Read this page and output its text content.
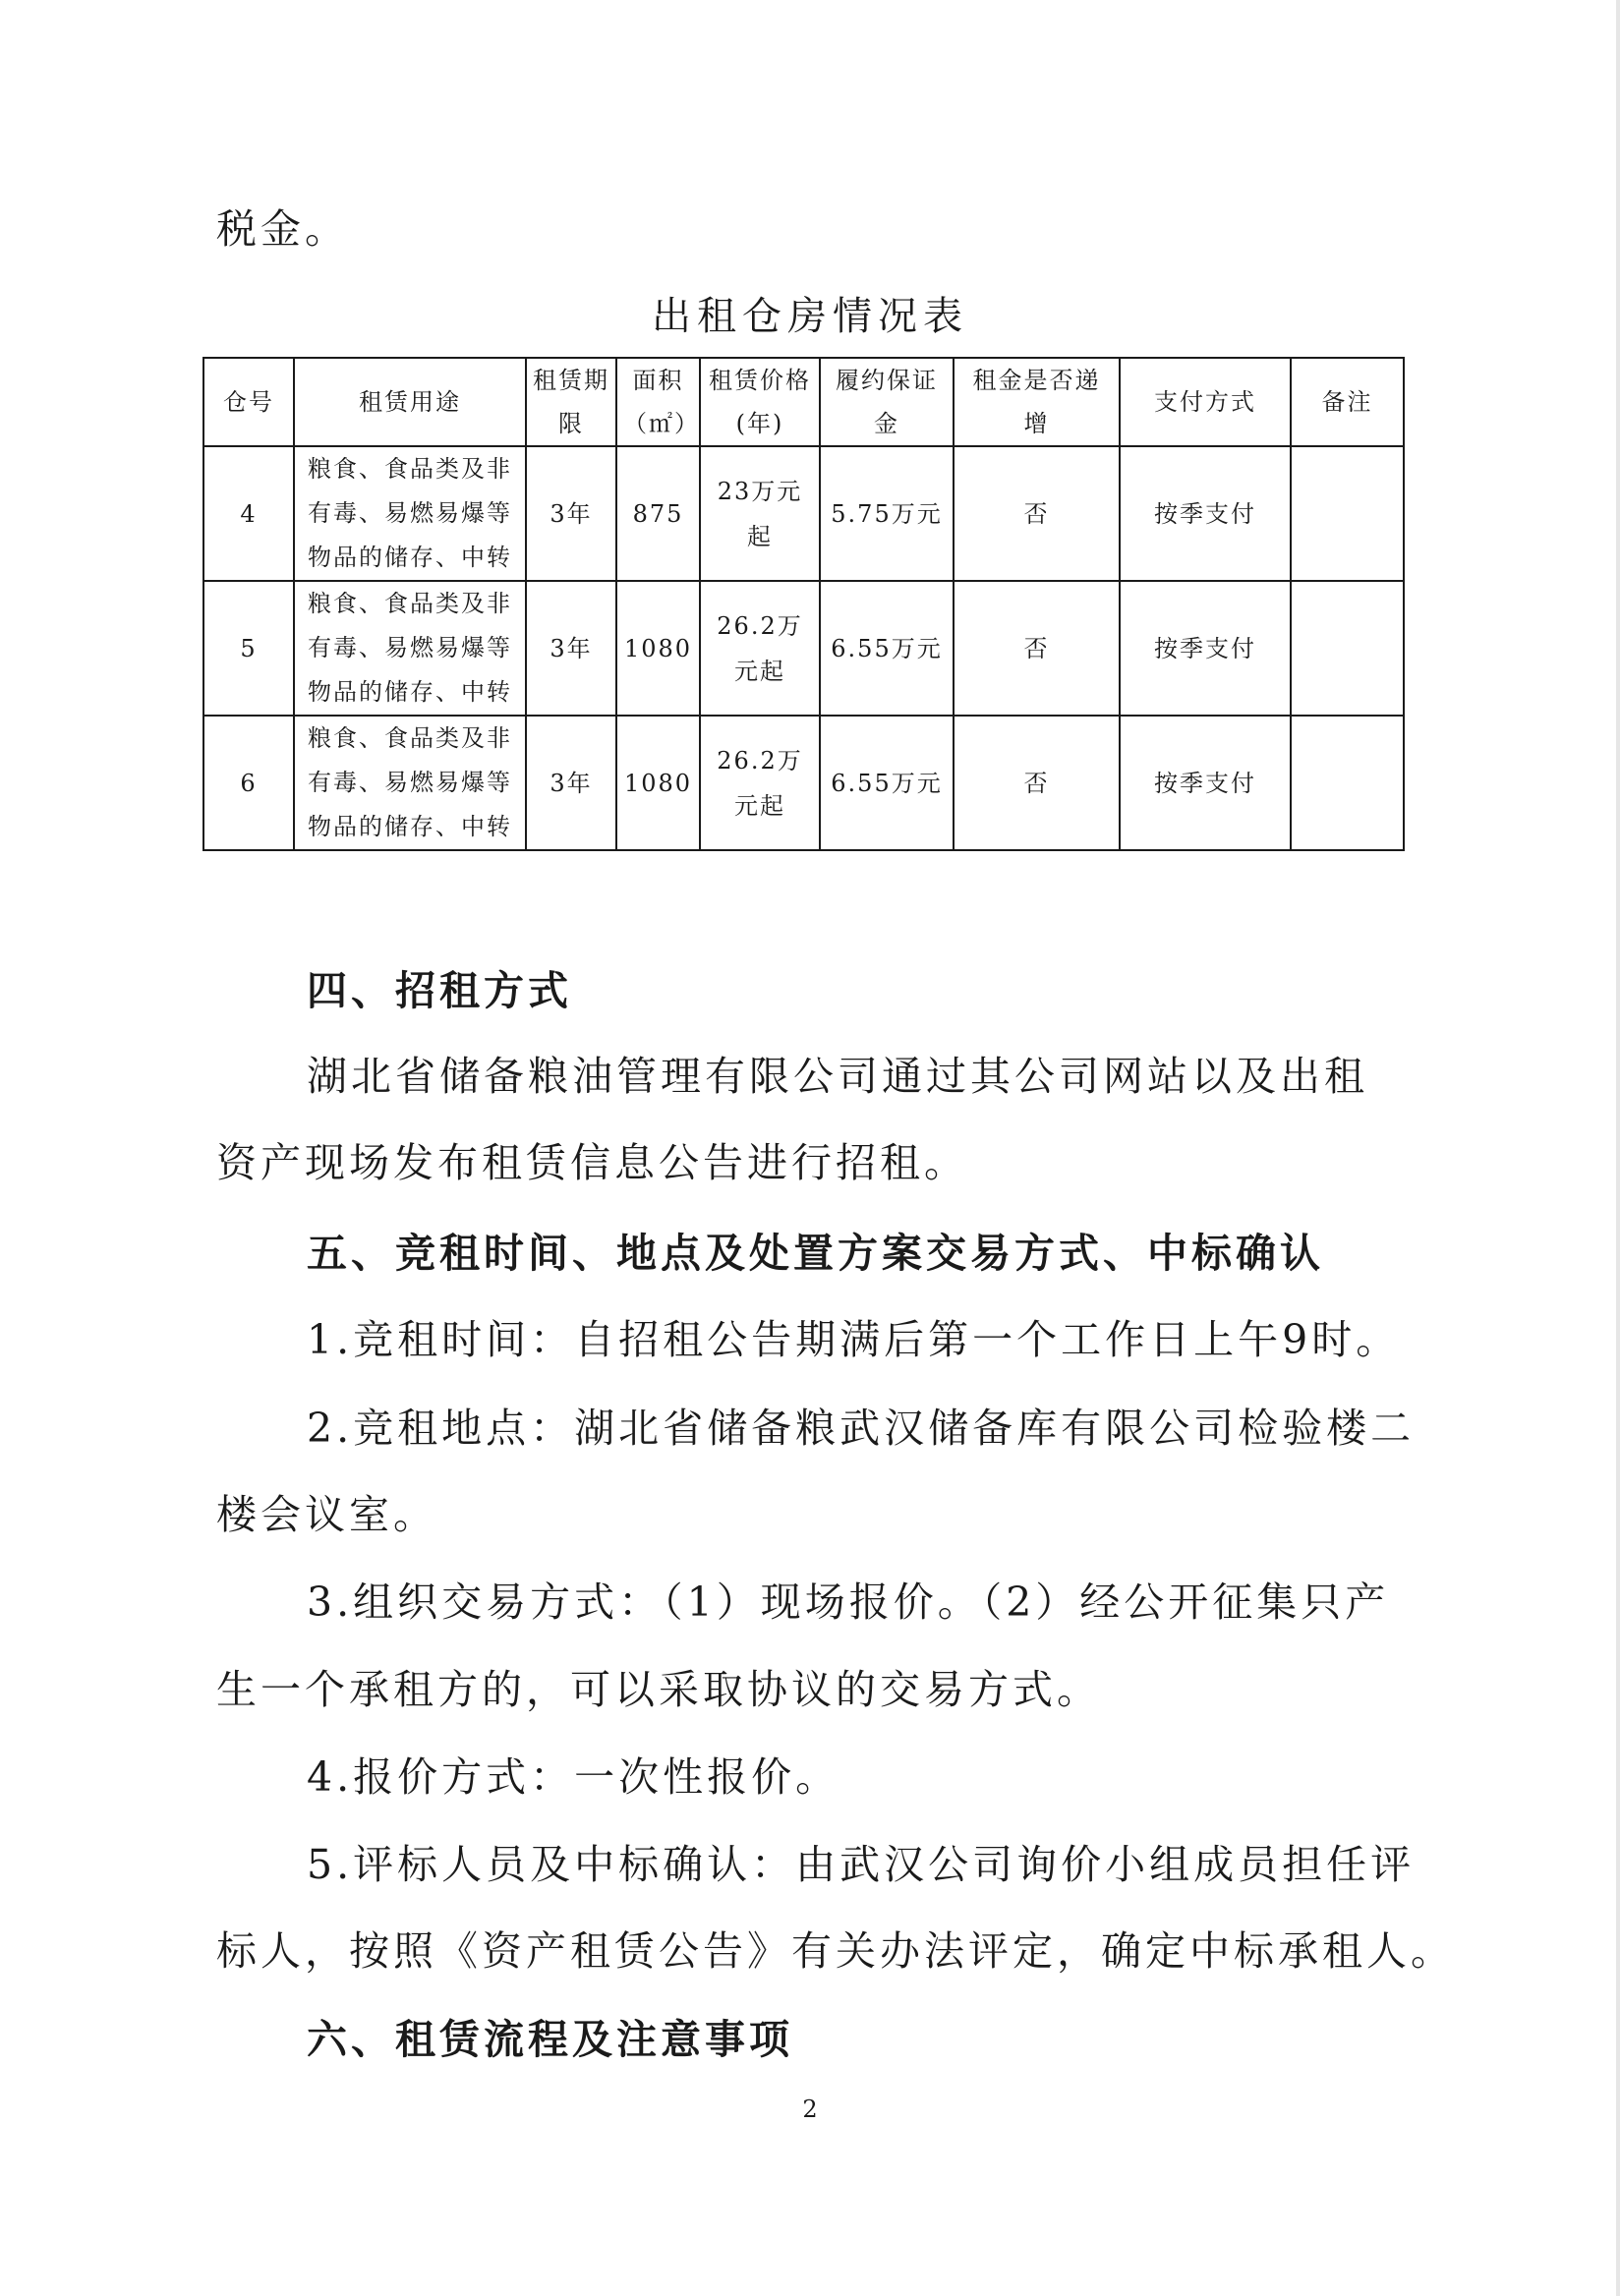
税金。
出租仓房情况表
仓号	租赁用途	租赁期限	面积（㎡）	租赁价格(年)	履约保证金	租金是否递增	支付方式	备注
4	粮食、食品类及非有毒、易燃易爆等物品的储存、中转	3年	875	23万元起	5.75万元	否	按季支付	
5	粮食、食品类及非有毒、易燃易爆等物品的储存、中转	3年	1080	26.2万元起	6.55万元	否	按季支付	
6	粮食、食品类及非有毒、易燃易爆等物品的储存、中转	3年	1080	26.2万元起	6.55万元	否	按季支付	
四、招租方式
湖北省储备粮油管理有限公司通过其公司网站以及出租
资产现场发布租赁信息公告进行招租。
五、竞租时间、地点及处置方案交易方式、中标确认
1.竞租时间：自招租公告期满后第一个工作日上午9时。
2.竞租地点：湖北省储备粮武汉储备库有限公司检验楼二
楼会议室。
3.组织交易方式：（1）现场报价。（2）经公开征集只产
生一个承租方的，可以采取协议的交易方式。
4.报价方式：一次性报价。
5.评标人员及中标确认：由武汉公司询价小组成员担任评
标人，按照《资产租赁公告》有关办法评定，确定中标承租人。
六、租赁流程及注意事项
2
